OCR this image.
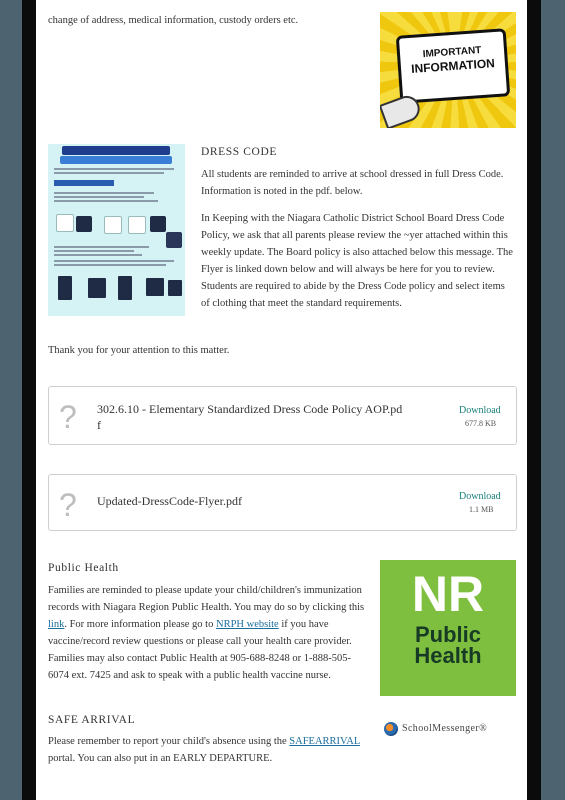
change of address, medical information, custody orders etc.
IMPORTANT
INFORMATION
DRESS CODE
All students are reminded to arrive at school dressed in full Dress Code. Information is noted in the pdf. below.
In Keeping with the Niagara Catholic District School Board Dress Code Policy, we ask that all parents please review the ~yer attached within this weekly update. The Board policy is also attached below this message. The Flyer is linked down below and will always be here for you to review. Students are required to abide by the Dress Code policy and select items of clothing that meet the standard requirements.
Thank you for your attention to this matter.
? 302.6.10 - Elementary Standardized Dress Code Policy AOP.pd
f
Download
677.8 KB
? Updated-DressCode-Flyer.pdf	Download
1.1 MB
Public Health
Families are reminded to please update your child/children's immunization records with Niagara Region Public Health. You may do so by clicking this link. For more information please go to NRPH website if you have vaccine/record review questions or please call your health care provider. Families may also contact Public Health at 905-688-8248 or 1-888-505-6074 ext. 7425 and ask to speak with a public health vaccine nurse.
NR
Public
Health
SAFE ARRIVAL
Please remember to report your child's absence using the SAFEARRIVAL portal. You can also put in an EARLY DEPARTURE.
SchoolMessenger®
